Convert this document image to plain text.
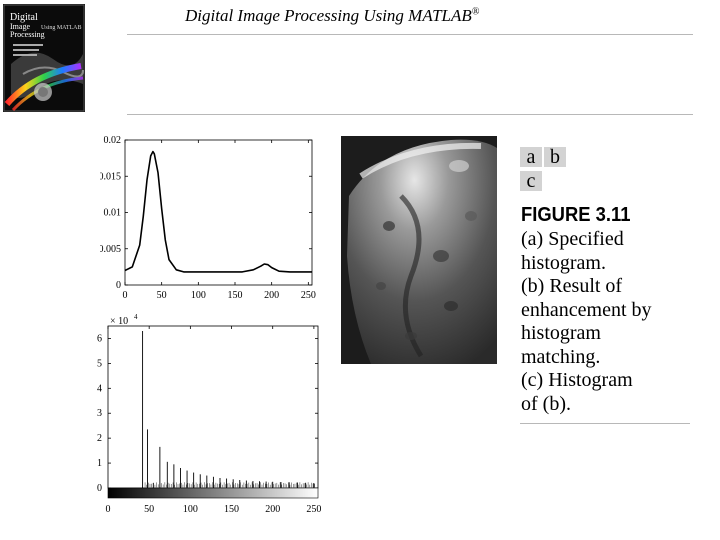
Digital
Image
Processing
Using MATLAB
Digital Image Processing Using MATLAB®
0	50 100 150 200 250
0
0.005
0.01
0.015
0.02
× 10 4
0
1
2
3
4
5
6
0	50	100	150	200	250
a b
c
FIGURE 3.11
(a) Specified
histogram.
(b) Result of
enhancement by
histogram
matching.
(c) Histogram
of (b).
